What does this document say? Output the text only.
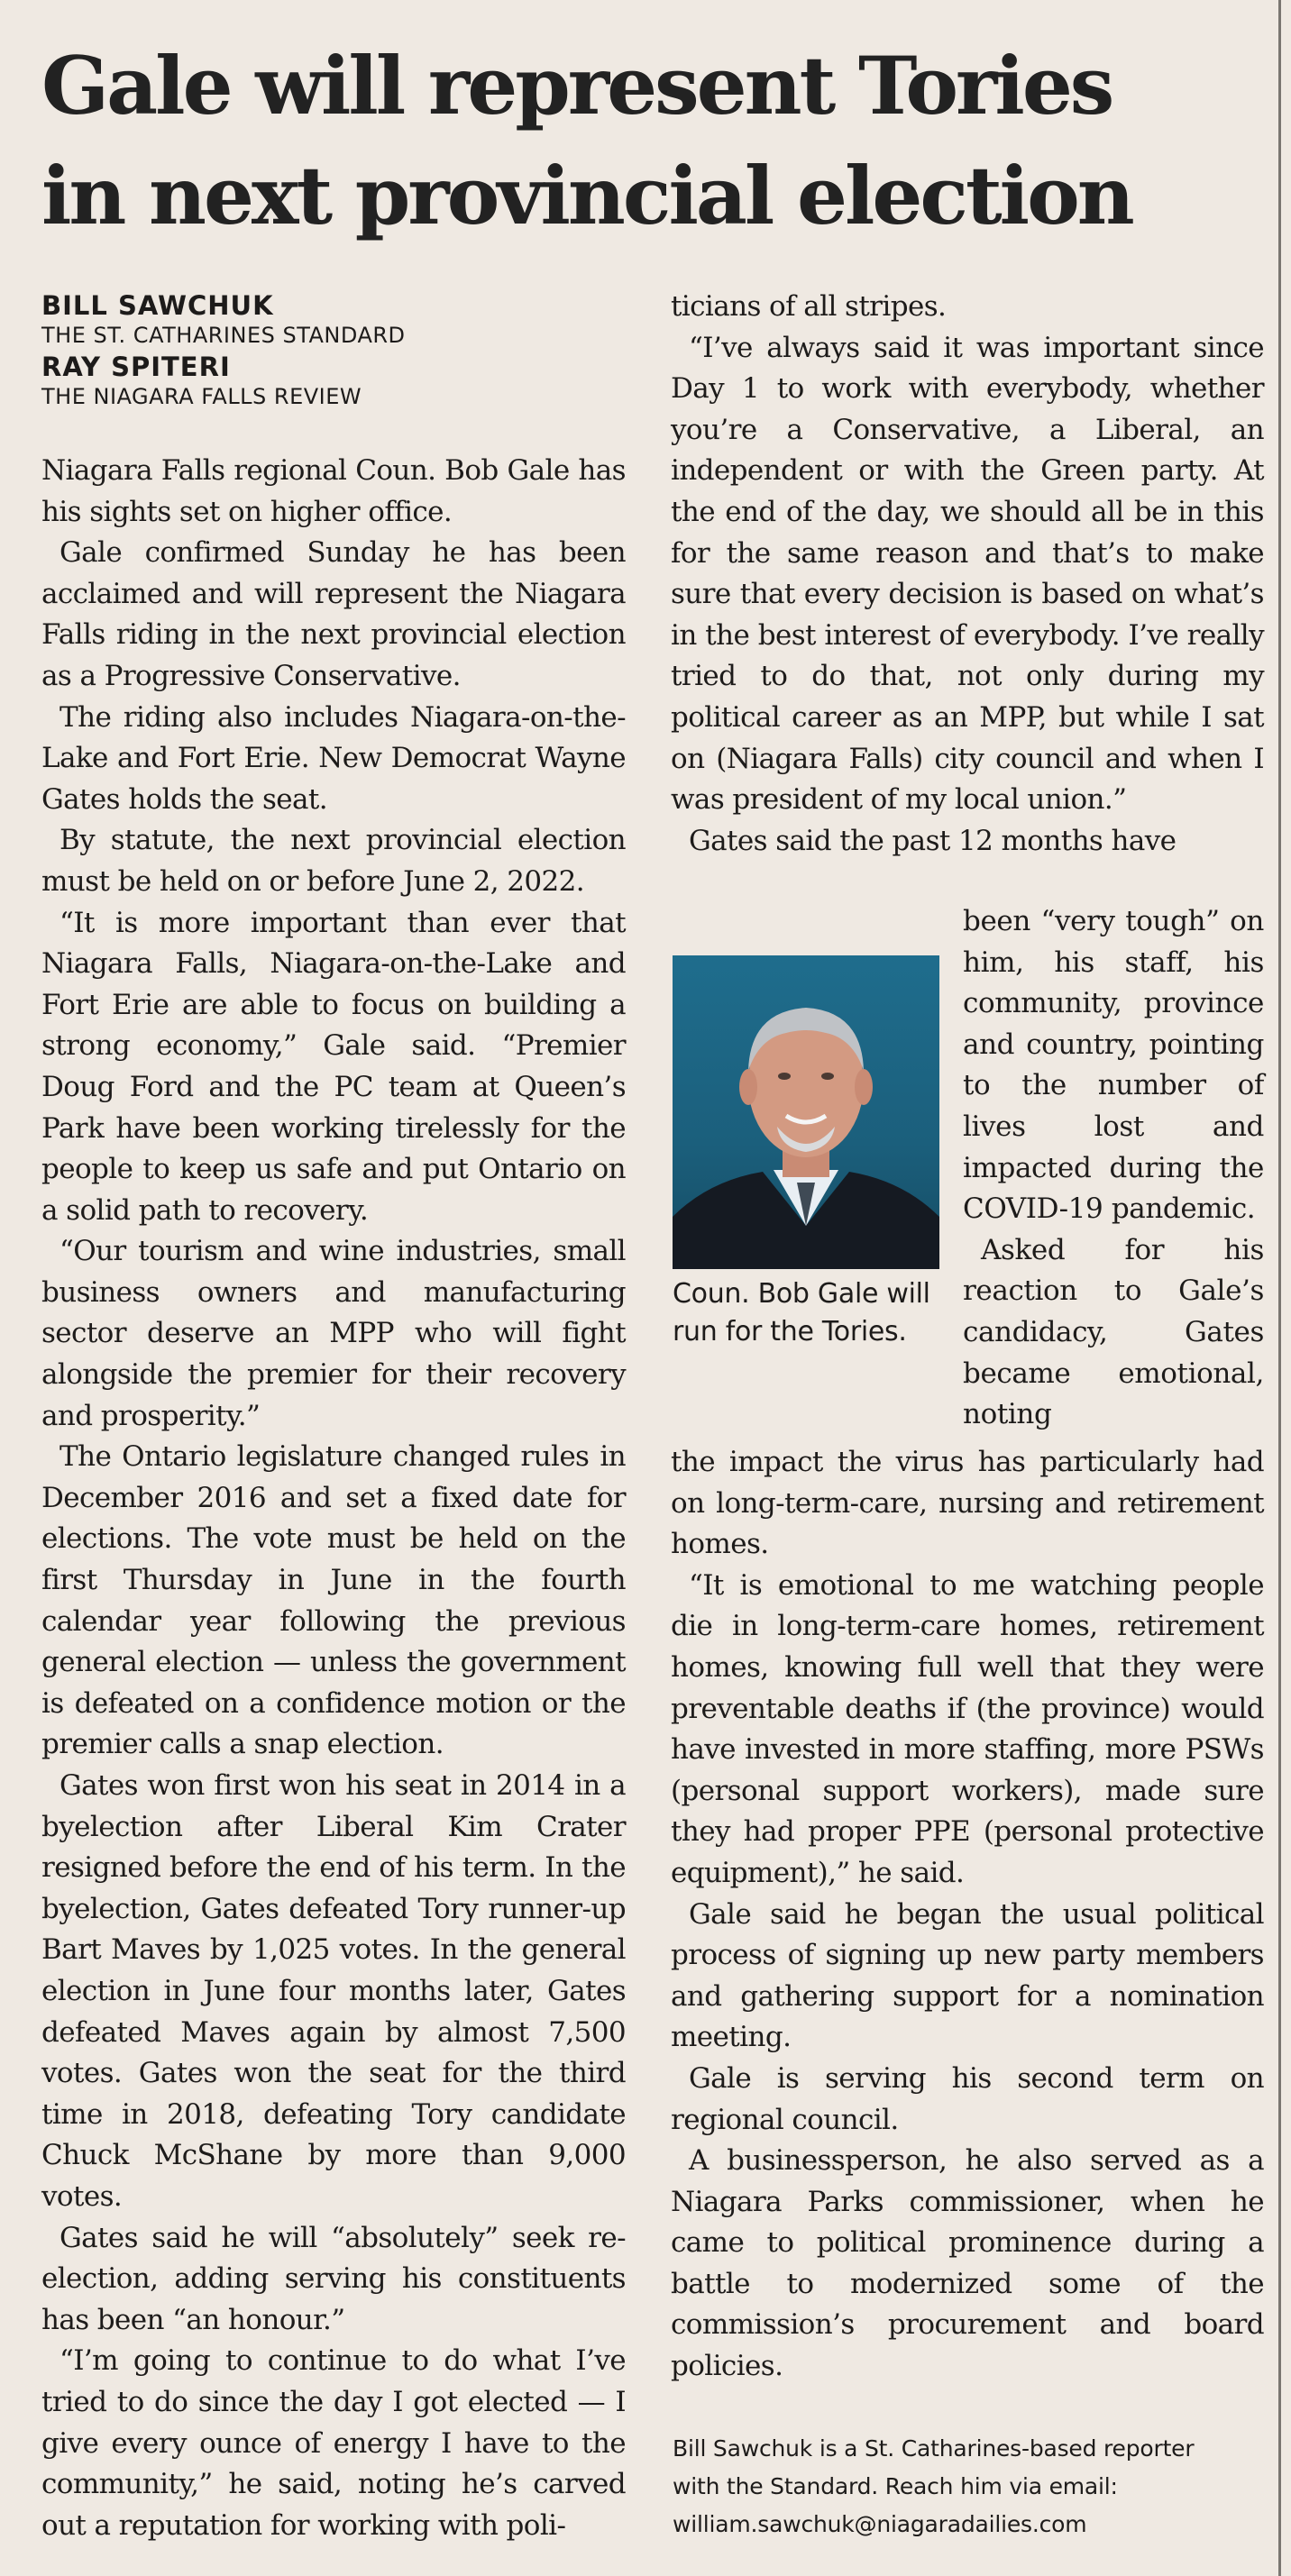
Gale will represent Tories in next provincial election
BILL SAWCHUK
THE ST. CATHARINES STANDARD
RAY SPITERI
THE NIAGARA FALLS REVIEW

Niagara Falls regional Coun. Bob Gale has his sights set on higher office.

Gale confirmed Sunday he has been acclaimed and will represent the Niagara Falls riding in the next provincial election as a Progressive Conservative.

The riding also includes Niagara-on-the-Lake and Fort Erie. New Democrat Wayne Gates holds the seat.

By statute, the next provincial election must be held on or before June 2, 2022.

“It is more important than ever that Niagara Falls, Niagara-on-the-Lake and Fort Erie are able to focus on building a strong economy,” Gale said. “Premier Doug Ford and the PC team at Queen’s Park have been working tirelessly for the people to keep us safe and put Ontario on a solid path to recovery.

“Our tourism and wine industries, small business owners and manufacturing sector deserve an MPP who will fight alongside the premier for their recovery and prosperity.”

The Ontario legislature changed rules in December 2016 and set a fixed date for elections. The vote must be held on the first Thursday in June in the fourth calendar year following the previous general election — unless the government is defeated on a confidence motion or the premier calls a snap election.

Gates won first won his seat in 2014 in a byelection after Liberal Kim Crater resigned before the end of his term. In the byelection, Gates defeated Tory runner-up Bart Maves by 1,025 votes. In the general election in June four months later, Gates defeated Maves again by almost 7,500 votes. Gates won the seat for the third time in 2018, defeating Tory candidate Chuck McShane by more than 9,000 votes.

Gates said he will “absolutely” seek re-election, adding serving his constituents has been “an honour.”

“I’m going to continue to do what I’ve tried to do since the day I got elected — I give every ounce of energy I have to the community,” he said, noting he’s carved out a reputation for working with poli-

ticians of all stripes.

“I’ve always said it was important since Day 1 to work with everybody, whether you’re a Conservative, a Liberal, an independent or with the Green party. At the end of the day, we should all be in this for the same reason and that’s to make sure that every decision is based on what’s in the best interest of everybody. I’ve really tried to do that, not only during my political career as an MPP, but while I sat on (Niagara Falls) city council and when I was president of my local union.”

Gates said the past 12 months have

Coun. Bob Gale will run for the Tories.

been “very tough” on him, his staff, his community, province and country, pointing to the number of lives lost and impacted during the COVID-19 pandemic.

Asked for his reaction to Gale’s candidacy, Gates became emotional, noting

the impact the virus has particularly had on long-term-care, nursing and retirement homes.

“It is emotional to me watching people die in long-term-care homes, retirement homes, knowing full well that they were preventable deaths if (the province) would have invested in more staffing, more PSWs (personal support workers), made sure they had proper PPE (personal protective equipment),” he said.

Gale said he began the usual political process of signing up new party members and gathering support for a nomination meeting.

Gale is serving his second term on regional council.

A businessperson, he also served as a Niagara Parks commissioner, when he came to political prominence during a battle to modernized some of the commission’s procurement and board policies.

Bill Sawchuk is a St. Catharines-based reporter
with the Standard. Reach him via email:
william.sawchuk@niagaradailies.com
